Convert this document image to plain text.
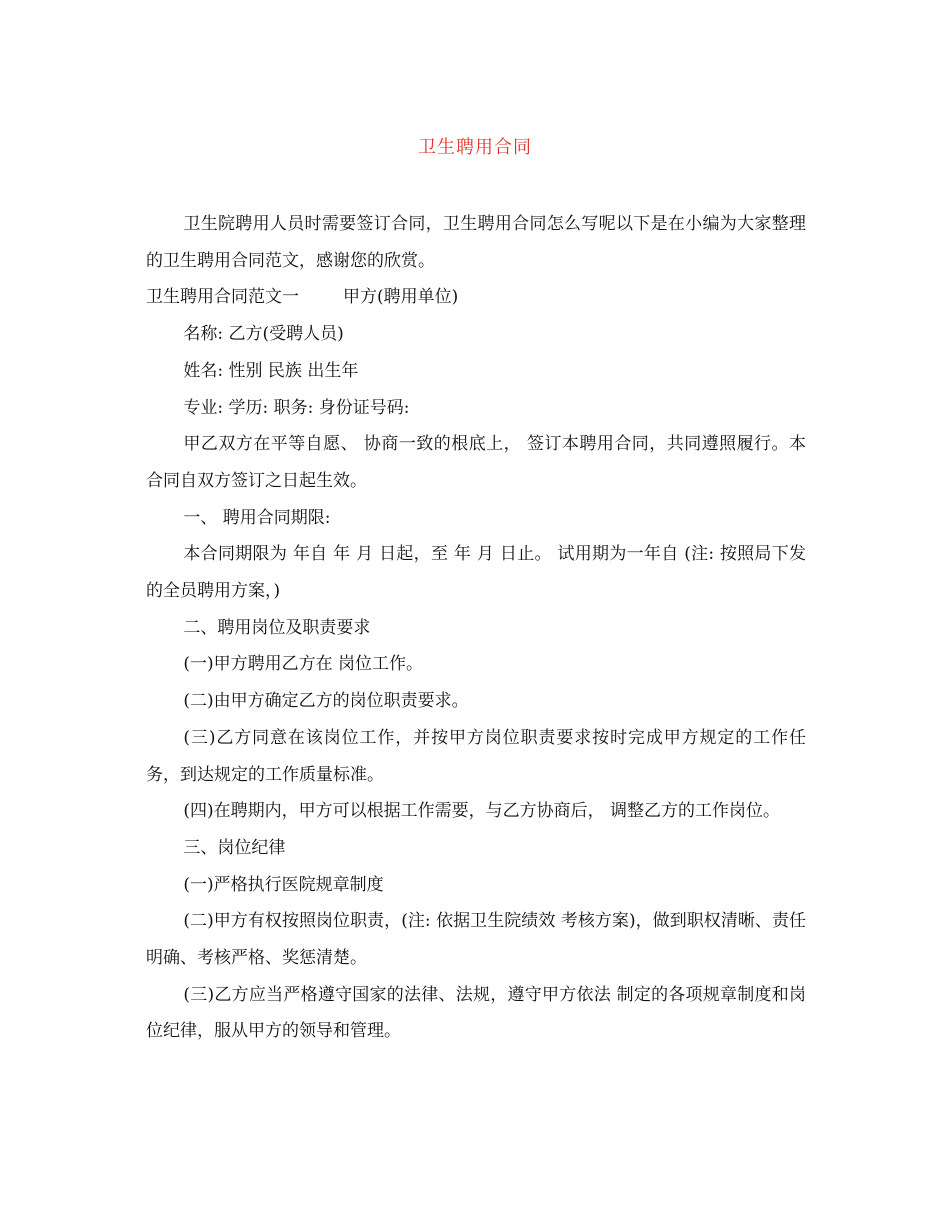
卫生聘用合同

卫生院聘用人员时需要签订合同，卫生聘用合同怎么写呢以下是在小编为大家整理的卫生聘用合同范文，感谢您的欣赏。

卫生聘用合同范文一	甲方(聘用单位)

名称: 乙方(受聘人员)

姓名: 性别 民族 出生年

专业: 学历: 职务: 身份证号码:

甲乙双方在平等自愿、 协商一致的根底上， 签订本聘用合同，共同遵照履行。本合同自双方签订之日起生效。

一、 聘用合同期限:

本合同期限为 年自 年 月 日起，至 年 月 日止。 试用期为一年自 (注: 按照局下发的全员聘用方案，)

二、聘用岗位及职责要求

(一)甲方聘用乙方在 岗位工作。

(二)由甲方确定乙方的岗位职责要求。

(三)乙方同意在该岗位工作，并按甲方岗位职责要求按时完成甲方规定的工作任务，到达规定的工作质量标准。

(四)在聘期内，甲方可以根据工作需要，与乙方协商后， 调整乙方的工作岗位。

三、岗位纪律

(一)严格执行医院规章制度

(二)甲方有权按照岗位职责，(注: 依据卫生院绩效 考核方案)，做到职权清晰、责任明确、考核严格、奖惩清楚。

(三)乙方应当严格遵守国家的法律、法规，遵守甲方依法 制定的各项规章制度和岗位纪律，服从甲方的领导和管理。
